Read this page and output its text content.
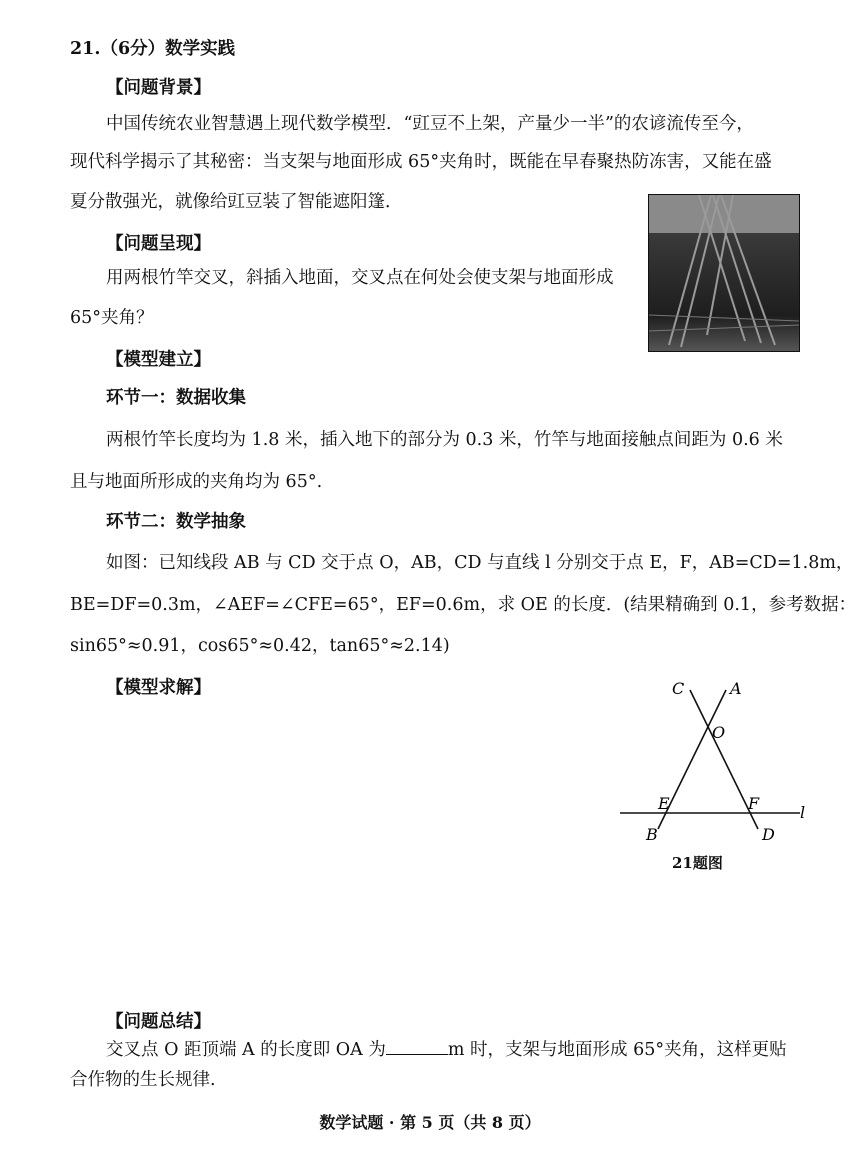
21.（6分）数学实践
【问题背景】
中国传统农业智慧遇上现代数学模型．“豇豆不上架，产量少一半”的农谚流传至今，
现代科学揭示了其秘密：当支架与地面形成 65°夹角时，既能在早春聚热防冻害，又能在盛
夏分散强光，就像给豇豆装了智能遮阳篷．
【问题呈现】
用两根竹竿交叉，斜插入地面，交叉点在何处会使支架与地面形成
65°夹角？
【模型建立】
环节一：数据收集
两根竹竿长度均为 1.8 米，插入地下的部分为 0.3 米，竹竿与地面接触点间距为 0.6 米
且与地面所形成的夹角均为 65°.
环节二：数学抽象
如图：已知线段 AB 与 CD 交于点 O，AB，CD 与直线 l 分别交于点 E，F，AB=CD=1.8m，
BE=DF=0.3m，∠AEF=∠CFE=65°，EF=0.6m，求 OE 的长度．(结果精确到 0.1，参考数据：
sin65°≈0.91，cos65°≈0.42，tan65°≈2.14)
【模型求解】	C	A
O
E	F	l
B	D
21题图
【问题总结】
交叉点 O 距顶端 A 的长度即 OA 为	m 时，支架与地面形成 65°夹角，这样更贴
合作物的生长规律.
数学试题 · 第 5 页（共 8 页）
